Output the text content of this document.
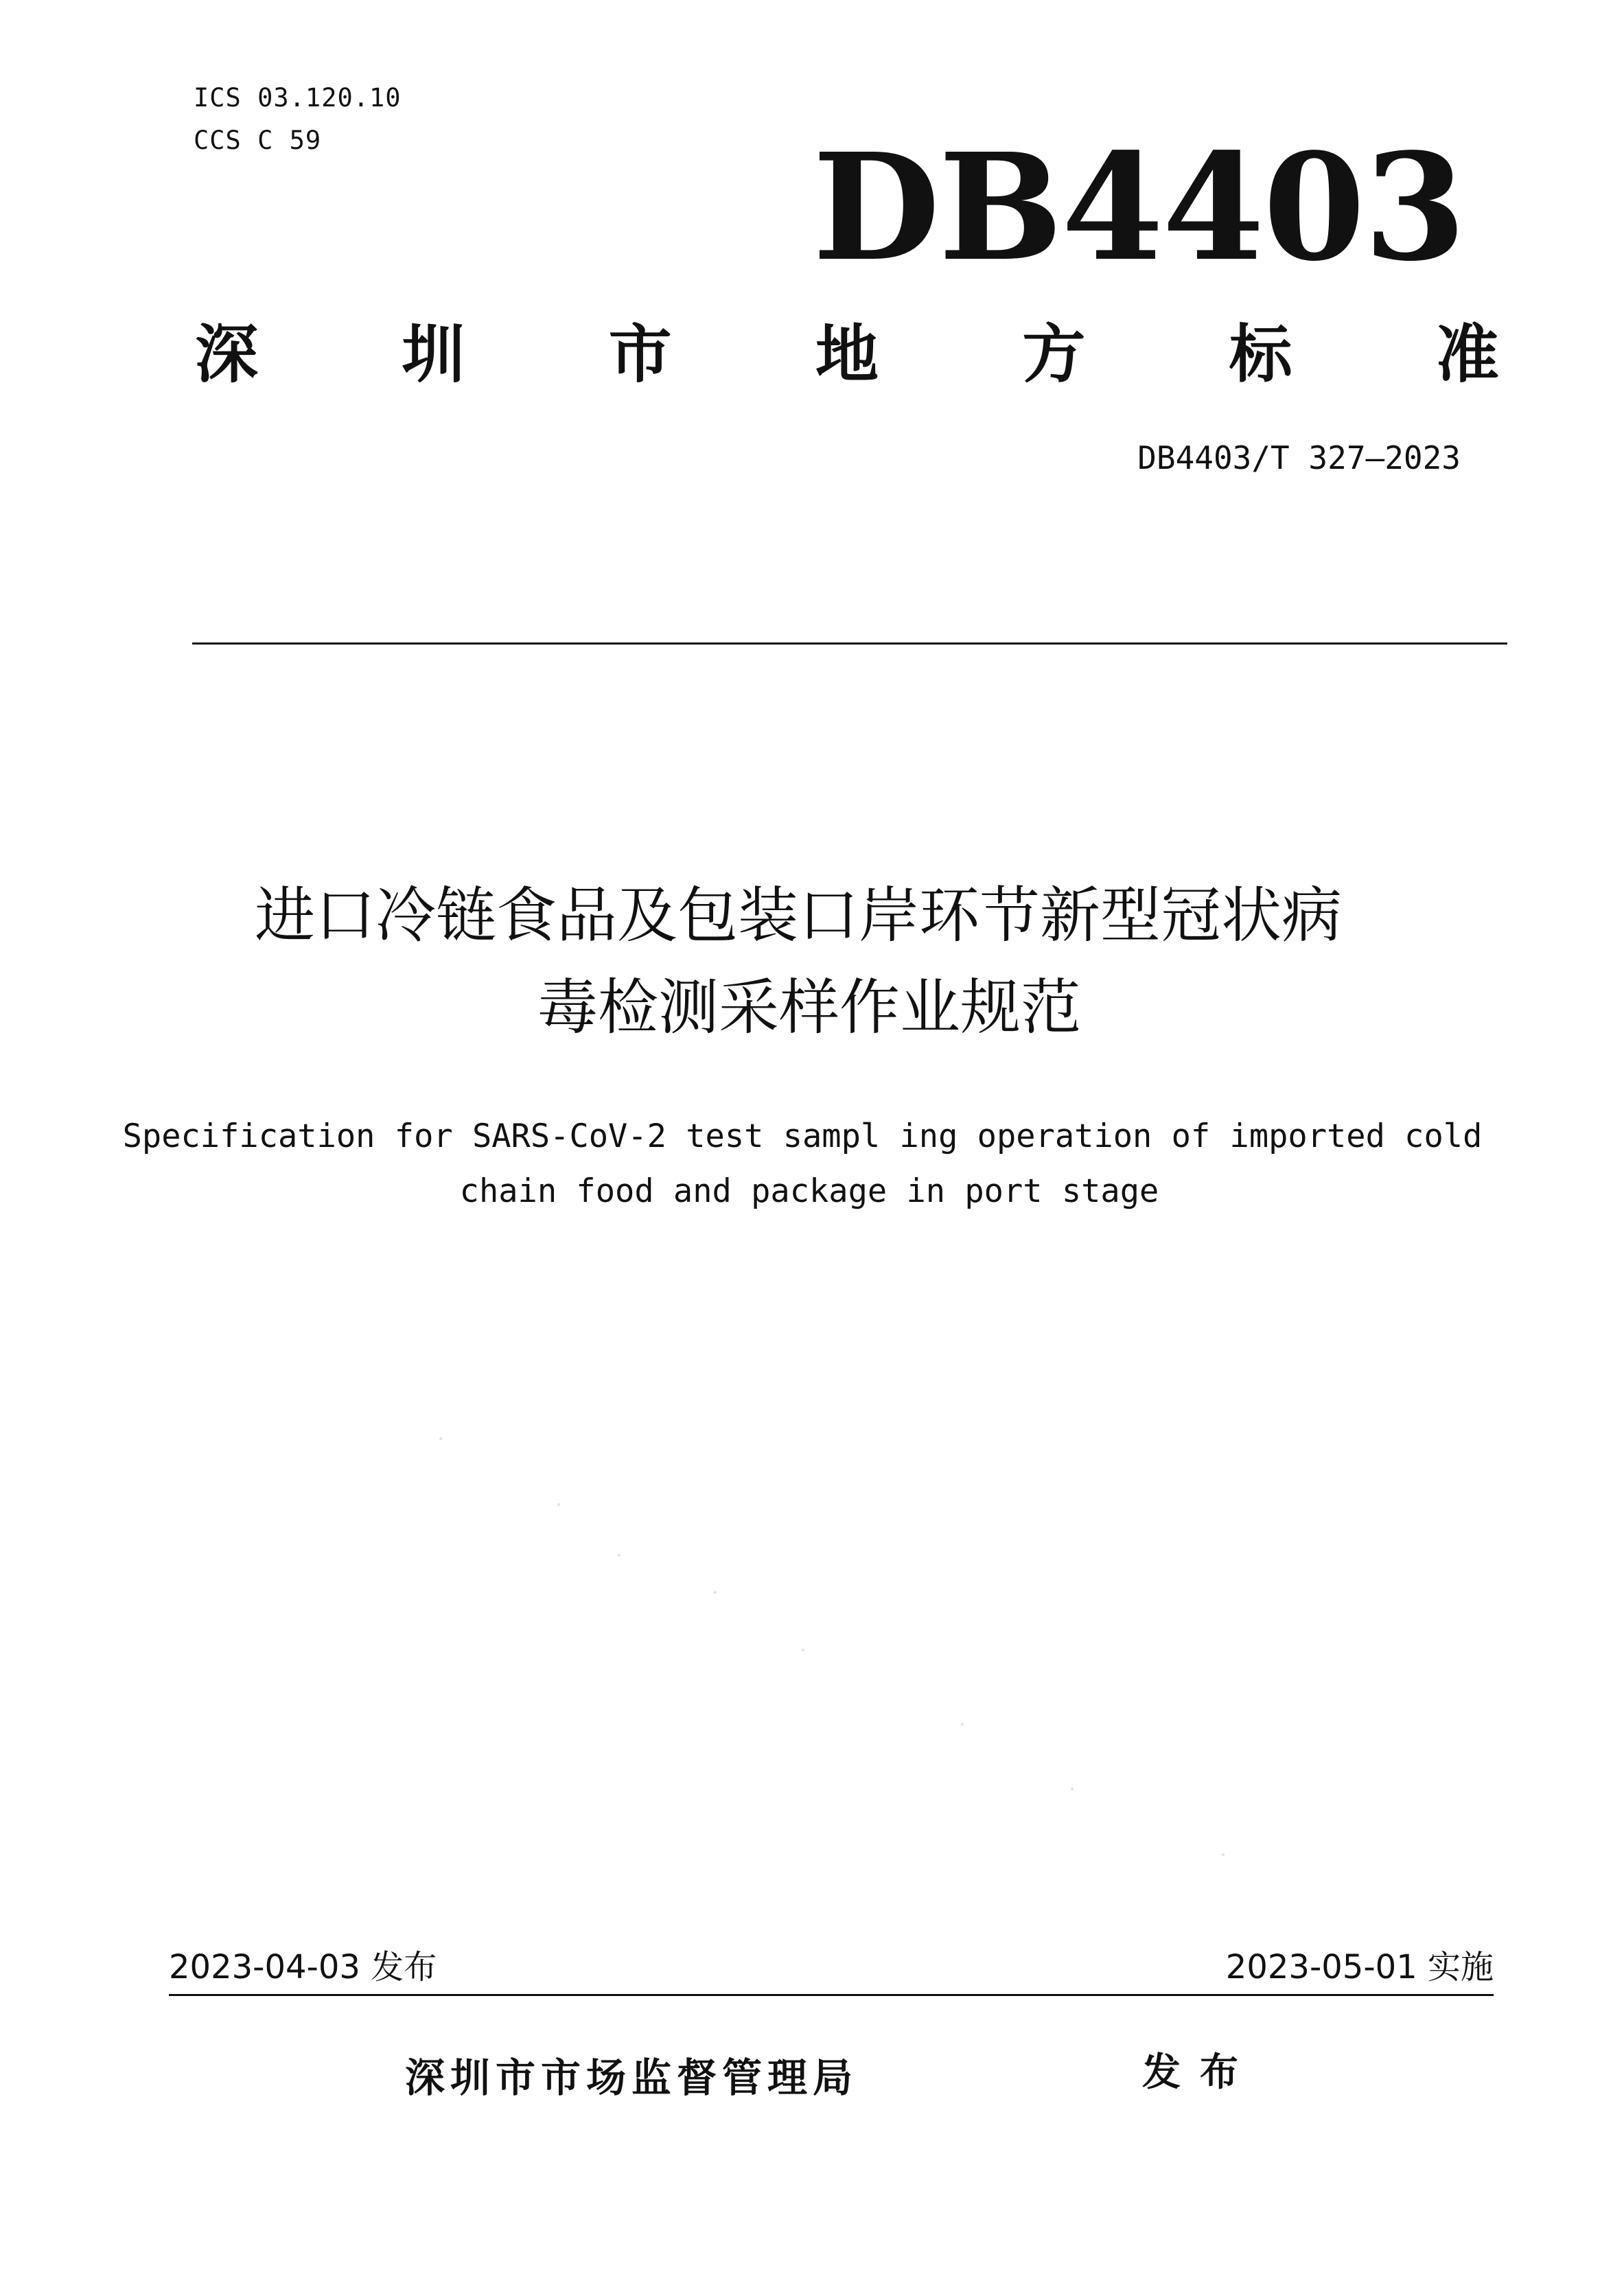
ICS 03.120.10
CCS C 59	DB4403
深 圳 市 地 方 标 准
DB4403/T 327—2023
进口冷链食品及包装口岸环节新型冠状病
毒检测采样作业规范
Specification for SARS-CoV-2 test sampl ing operation of imported cold
chain food and package in port stage
2023-04-03 发布	2023-05-01 实施
深圳市市场监督管理局	发布
